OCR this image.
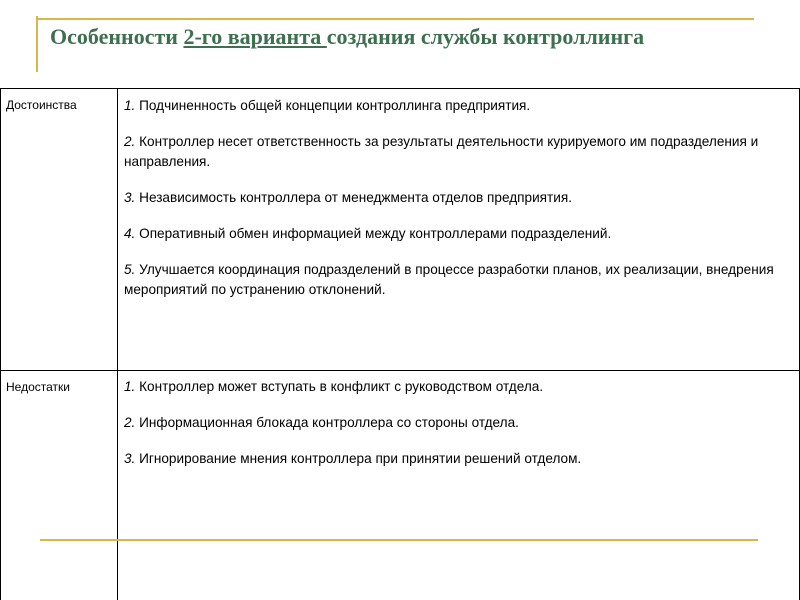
Особенности 2-го варианта создания службы контроллинга
Достоинства	1. Подчиненность общей концепции контроллинга предприятия.
2. Контроллер несет ответственность за результаты деятельности курируемого им подразделения и направления.
3. Независимость контроллера от менеджмента отделов предприятия.
4. Оперативный обмен информацией между контроллерами подразделений.
5. Улучшается координация подразделений в процессе разработки планов, их реализации, внедрения мероприятий по устранению отклонений.
Недостатки	1. Контроллер может вступать в конфликт с руководством отдела.
2. Информационная блокада контроллера со стороны отдела.
3. Игнорирование мнения контроллера при принятии решений отделом.
